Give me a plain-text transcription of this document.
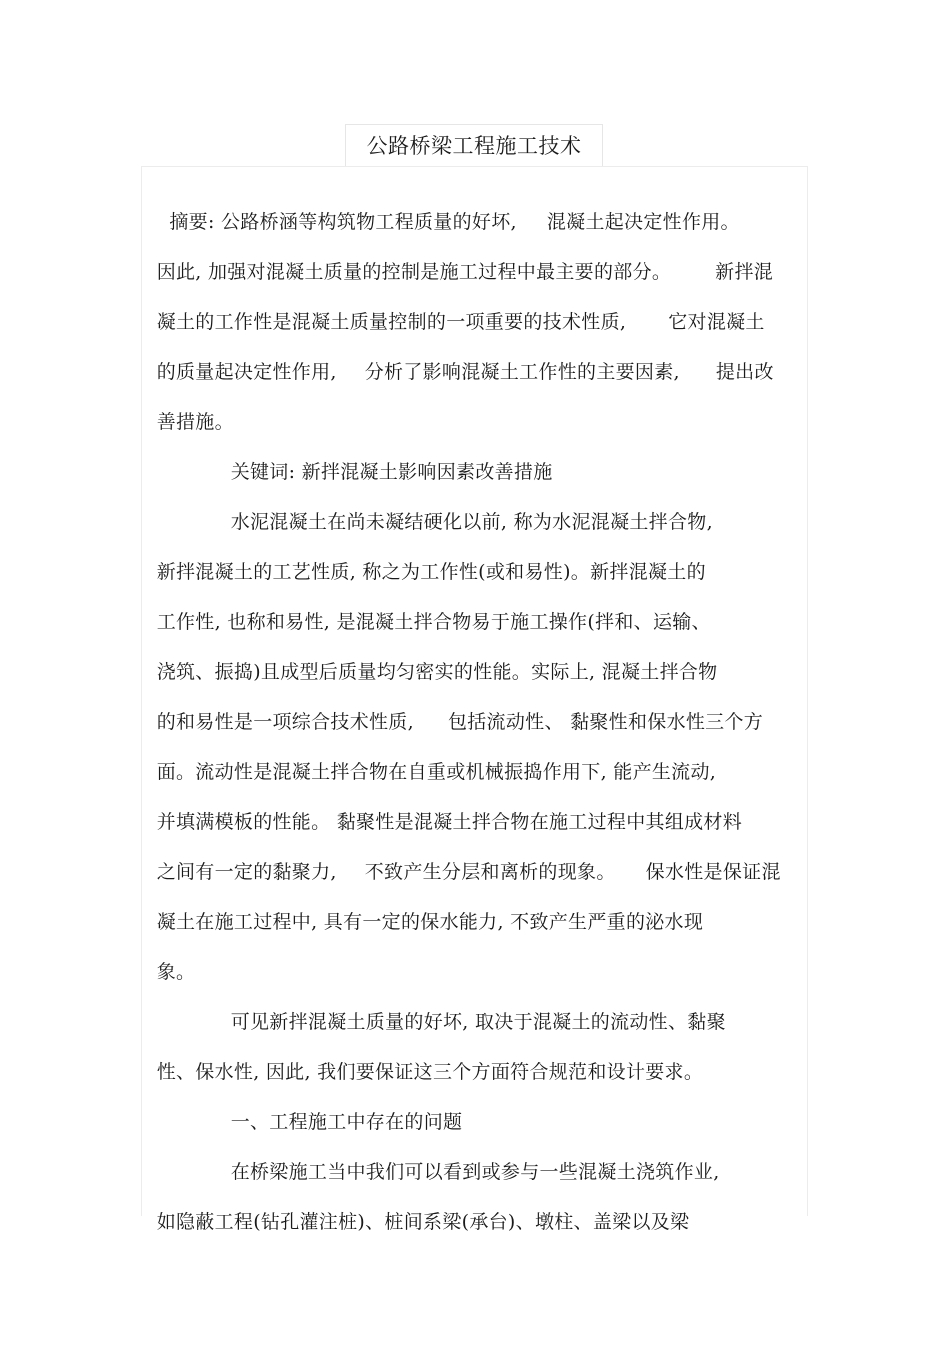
公路桥梁工程施工技术

摘要: 公路桥涵等构筑物工程质量的好坏, 混凝土起决定性作用。

因此, 加强对混凝土质量的控制是施工过程中最主要的部分。 新拌混

凝土的工作性是混凝土质量控制的一项重要的技术性质, 它对混凝土

的质量起决定性作用, 分析了影响混凝土工作性的主要因素, 提出改

善措施。

关键词: 新拌混凝土影响因素改善措施

水泥混凝土在尚未凝结硬化以前, 称为水泥混凝土拌合物,

新拌混凝土的工艺性质, 称之为工作性(或和易性)。新拌混凝土的

工作性, 也称和易性, 是混凝土拌合物易于施工操作(拌和、运输、

浇筑、振捣)且成型后质量均匀密实的性能。实际上, 混凝土拌合物

的和易性是一项综合技术性质, 包括流动性、 黏聚性和保水性三个方

面。流动性是混凝土拌合物在自重或机械振捣作用下, 能产生流动,

并填满模板的性能。 黏聚性是混凝土拌合物在施工过程中其组成材料

之间有一定的黏聚力, 不致产生分层和离析的现象。 保水性是保证混

凝土在施工过程中, 具有一定的保水能力, 不致产生严重的泌水现

象。

可见新拌混凝土质量的好坏, 取决于混凝土的流动性、黏聚

性、保水性, 因此, 我们要保证这三个方面符合规范和设计要求。

一、工程施工中存在的问题

在桥梁施工当中我们可以看到或参与一些混凝土浇筑作业,

如隐蔽工程(钻孔灌注桩)、桩间系梁(承台)、墩柱、盖梁以及梁
